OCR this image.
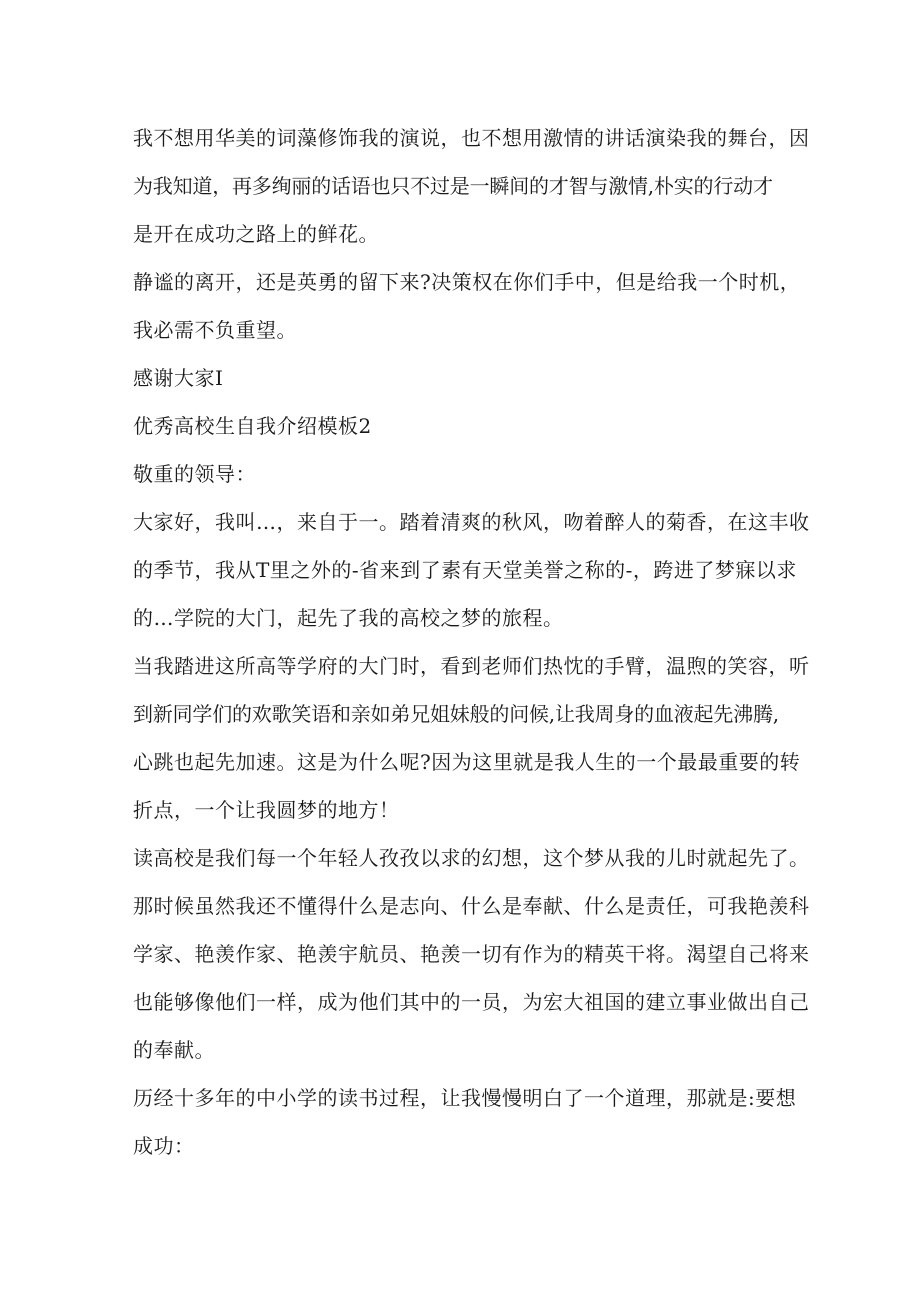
我不想用华美的词藻修饰我的演说，也不想用激情的讲话演染我的舞台，因
为我知道，再多绚丽的话语也只不过是一瞬间的才智与激情,朴实的行动才
是开在成功之路上的鲜花。
静谧的离开，还是英勇的留下来?决策权在你们手中，但是给我一个时机，
我必需不负重望。
感谢大家I
优秀高校生自我介绍模板2
敬重的领导：
大家好，我叫…，来自于一。踏着清爽的秋风，吻着醉人的菊香，在这丰收
的季节，我从T里之外的-省来到了素有天堂美誉之称的-，跨进了梦寐以求
的…学院的大门，起先了我的高校之梦的旅程。
当我踏进这所高等学府的大门时，看到老师们热忱的手臂，温煦的笑容，听
到新同学们的欢歌笑语和亲如弟兄姐妹般的问候,让我周身的血液起先沸腾,
心跳也起先加速。这是为什么呢?因为这里就是我人生的一个最最重要的转
折点，一个让我圆梦的地方！
读高校是我们每一个年轻人孜孜以求的幻想，这个梦从我的儿时就起先了。
那时候虽然我还不懂得什么是志向、什么是奉献、什么是责任，可我艳羡科
学家、艳羡作家、艳羡宇航员、艳羡一切有作为的精英干将。渴望自己将来
也能够像他们一样，成为他们其中的一员，为宏大祖国的建立事业做出自己
的奉献。
历经十多年的中小学的读书过程，让我慢慢明白了一个道理，那就是:要想
成功：
